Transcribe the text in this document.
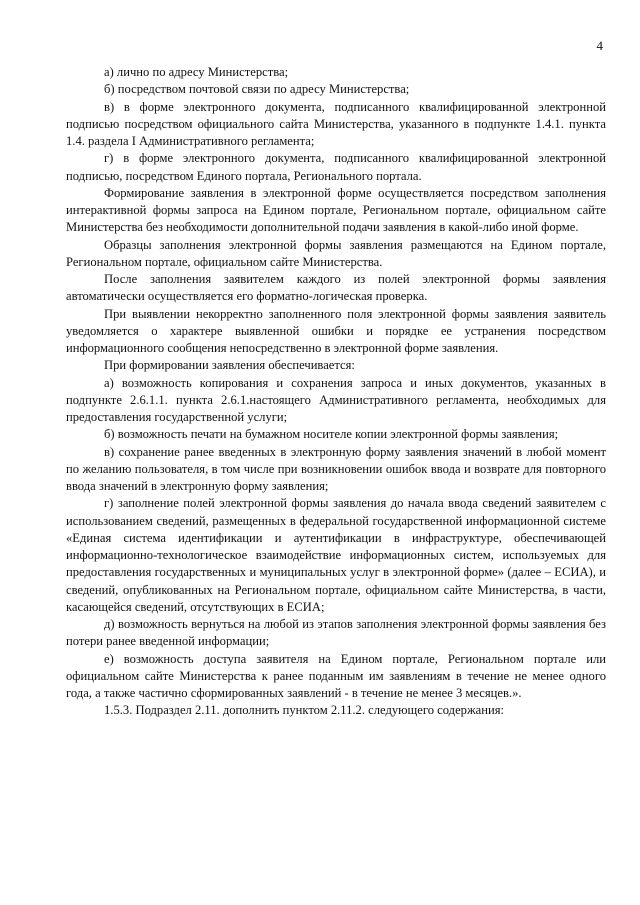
4

а) лично по адресу Министерства;

б) посредством почтовой связи по адресу Министерства;

в) в форме электронного документа, подписанного квалифицированной электронной подписью посредством официального сайта Министерства, указанного в подпункте 1.4.1. пункта 1.4. раздела I Административного регламента;

г) в форме электронного документа, подписанного квалифицированной электронной подписью, посредством Единого портала, Регионального портала.

Формирование заявления в электронной форме осуществляется посредством заполнения интерактивной формы запроса на Едином портале, Региональном портале, официальном сайте Министерства без необходимости дополнительной подачи заявления в какой-либо иной форме.

Образцы заполнения электронной формы заявления размещаются на Едином портале, Региональном портале, официальном сайте Министерства.

После заполнения заявителем каждого из полей электронной формы заявления автоматически осуществляется его форматно-логическая проверка.

При выявлении некорректно заполненного поля электронной формы заявления заявитель уведомляется о характере выявленной ошибки и порядке ее устранения посредством информационного сообщения непосредственно в электронной форме заявления.

При формировании заявления обеспечивается:

а) возможность копирования и сохранения запроса и иных документов, указанных в подпункте 2.6.1.1. пункта 2.6.1.настоящего Административного регламента, необходимых для предоставления государственной услуги;

б) возможность печати на бумажном носителе копии электронной формы заявления;

в) сохранение ранее введенных в электронную форму заявления значений в любой момент по желанию пользователя, в том числе при возникновении ошибок ввода и возврате для повторного ввода значений в электронную форму заявления;

г) заполнение полей электронной формы заявления до начала ввода сведений заявителем с использованием сведений, размещенных в федеральной государственной информационной системе «Единая система идентификации и аутентификации в инфраструктуре, обеспечивающей информационно-технологическое взаимодействие информационных систем, используемых для предоставления государственных и муниципальных услуг в электронной форме» (далее – ЕСИА), и сведений, опубликованных на Региональном портале, официальном сайте Министерства, в части, касающейся сведений, отсутствующих в ЕСИА;

д) возможность вернуться на любой из этапов заполнения электронной формы заявления без потери ранее введенной информации;

е) возможность доступа заявителя на Едином портале, Региональном портале или официальном сайте Министерства к ранее поданным им заявлениям в течение не менее одного года, а также частично сформированных заявлений - в течение не менее 3 месяцев.».

1.5.3. Подраздел 2.11. дополнить пунктом 2.11.2. следующего содержания:
